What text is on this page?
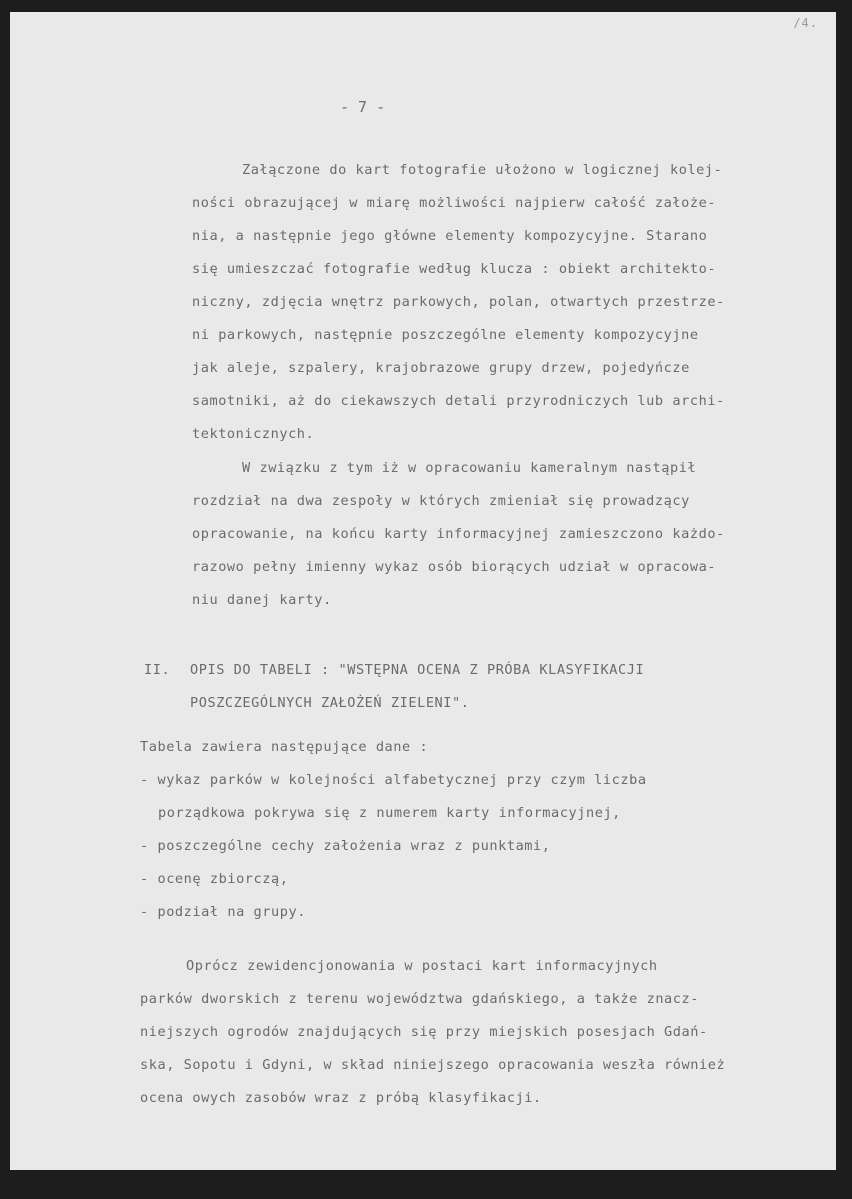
/4.
- 7 -
Załączone do kart fotografie ułożono w logicznej kolej-
ności obrazującej w miarę możliwości najpierw całość założe-
nia, a następnie jego główne elementy kompozycyjne. Starano
się umieszczać fotografie według klucza : obiekt architekto-
niczny, zdjęcia wnętrz parkowych, polan, otwartych przestrze-
ni parkowych, następnie poszczególne elementy kompozycyjne
jak aleje, szpalery, krajobrazowe grupy drzew, pojedyńcze
samotniki, aż do ciekawszych detali przyrodniczych lub archi-
tektonicznych.
W związku z tym iż w opracowaniu kameralnym nastąpił
rozdział na dwa zespoły w których zmieniał się prowadzący
opracowanie, na końcu karty informacyjnej zamieszczono każdo-
razowo pełny imienny wykaz osób biorących udział w opracowa-
niu danej karty.
II. OPIS DO TABELI : "WSTĘPNA OCENA Z PRÓBA KLASYFIKACJI
POSZCZEGÓLNYCH ZAŁOŻEŃ ZIELENI".
Tabela zawiera następujące dane :
- wykaz parków w kolejności alfabetycznej przy czym liczba
porządkowa pokrywa się z numerem karty informacyjnej,
- poszczególne cechy założenia wraz z punktami,
- ocenę zbiorczą,
- podział na grupy.
Oprócz zewidencjonowania w postaci kart informacyjnych
parków dworskich z terenu województwa gdańskiego, a także znacz-
niejszych ogrodów znajdujących się przy miejskich posesjach Gdań-
ska, Sopotu i Gdyni, w skład niniejszego opracowania weszła również
ocena owych zasobów wraz z próbą klasyfikacji.
